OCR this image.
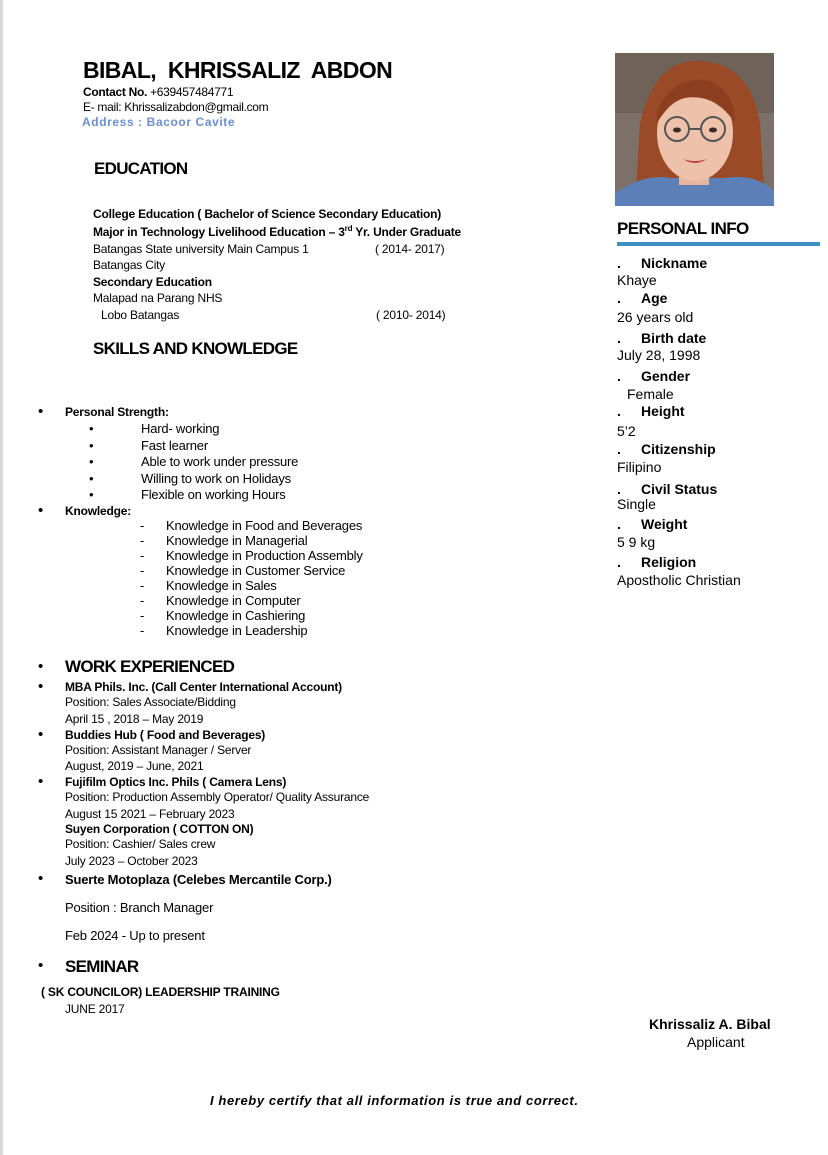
BIBAL, KHRISSALIZ ABDON
Contact No. +639457484771
E- mail: Khrissalizabdon@gmail.com
Address : Bacoor Cavite
EDUCATION
College Education ( Bachelor of Science Secondary Education)
Major in Technology Livelihood Education – 3rd Yr. Under Graduate
Batangas State university Main Campus 1	( 2014- 2017)
Batangas City
Secondary Education
Malapad na Parang NHS
Lobo Batangas	( 2010- 2014)
SKILLS AND KNOWLEDGE
• Personal Strength:
•	Hard- working
•	Fast learner
•	Able to work under pressure
•	Willing to work on Holidays
•	Flexible on working Hours
• Knowledge:
- Knowledge in Food and Beverages
- Knowledge in Managerial
- Knowledge in Production Assembly
- Knowledge in Customer Service
- Knowledge in Sales
- Knowledge in Computer
- Knowledge in Cashiering
- Knowledge in Leadership
• WORK EXPERIENCED
• MBA Phils. Inc. (Call Center International Account)
Position: Sales Associate/Bidding
April 15 , 2018 – May 2019
• Buddies Hub ( Food and Beverages)
Position: Assistant Manager / Server
August, 2019 – June, 2021
• Fujifilm Optics Inc. Phils ( Camera Lens)
Position: Production Assembly Operator/ Quality Assurance
August 15 2021 – February 2023
Suyen Corporation ( COTTON ON)
Position: Cashier/ Sales crew
July 2023 – October 2023
• Suerte Motoplaza (Celebes Mercantile Corp.)
Position : Branch Manager
Feb 2024 - Up to present
• SEMINAR
( SK COUNCILOR) LEADERSHIP TRAINING
JUNE 2017
PERSONAL INFO
. Nickname
Khaye
. Age
26 years old
. Birth date
July 28, 1998
. Gender
Female
. Height
5’2
. Citizenship
Filipino
. Civil Status
Single
. Weight
5 9 kg
. Religion
Apostholic Christian
Khrissaliz A. Bibal
Applicant
I hereby certify that all information is true and correct.
